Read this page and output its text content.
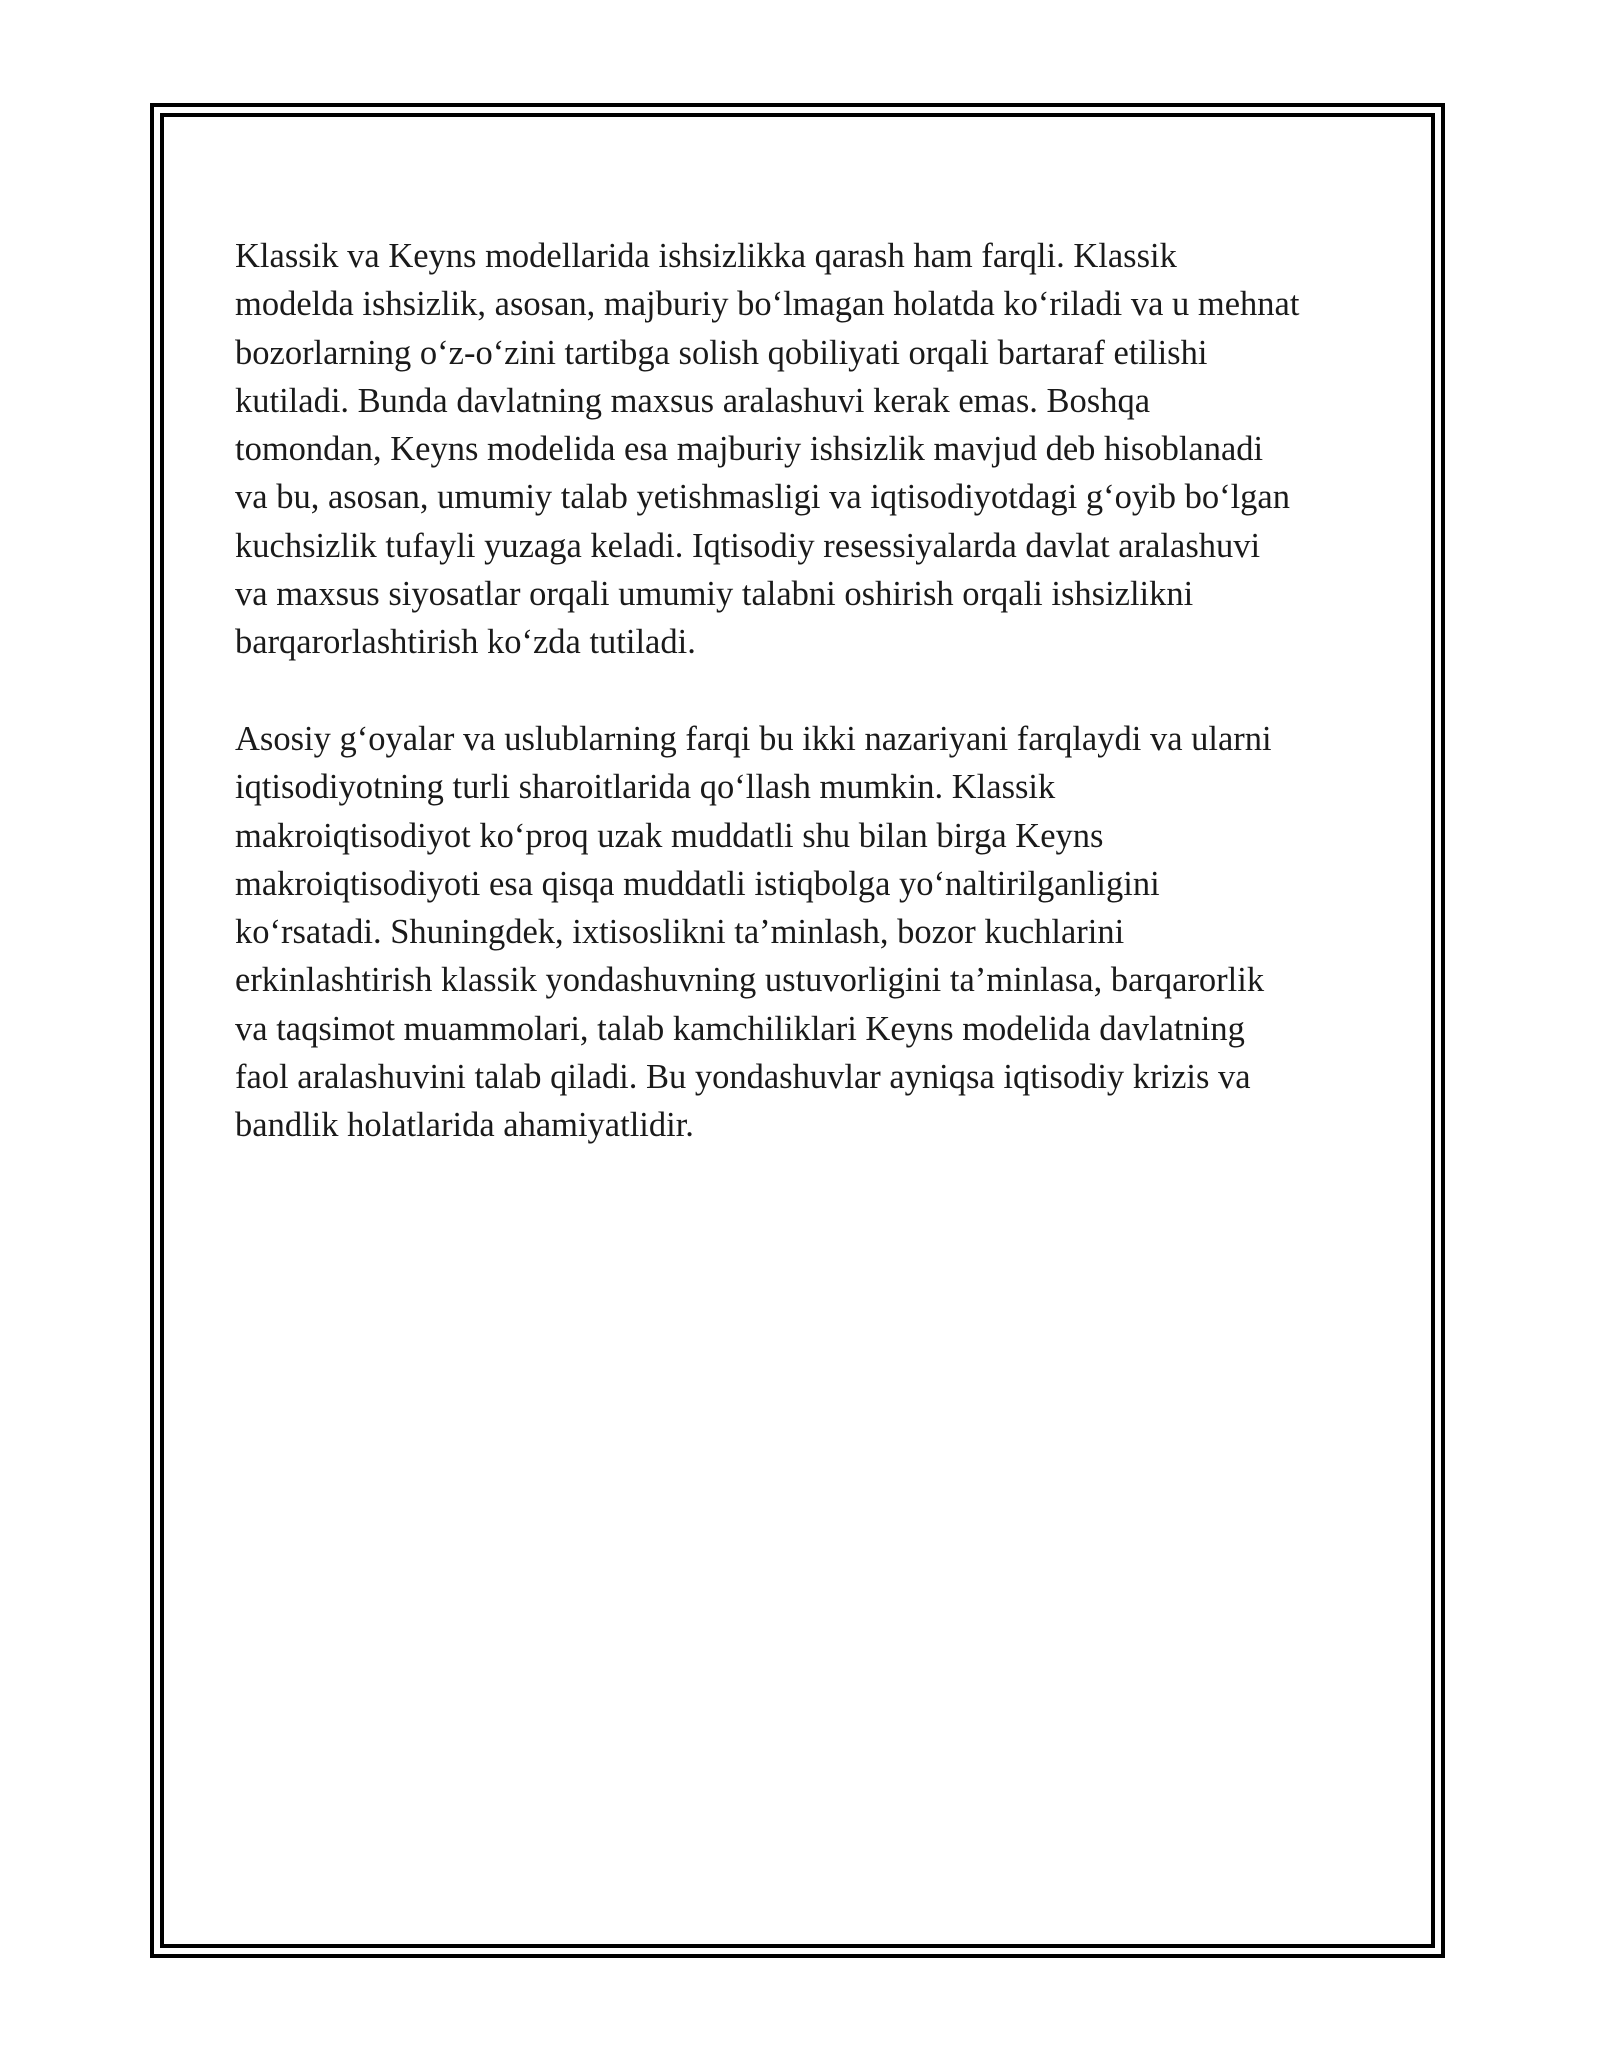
Klassik va Keyns modellarida ishsizlikka qarash ham farqli. Klassik
modelda ishsizlik, asosan, majburiy bo‘lmagan holatda ko‘riladi va u mehnat
bozorlarning o‘z-o‘zini tartibga solish qobiliyati orqali bartaraf etilishi
kutiladi. Bunda davlatning maxsus aralashuvi kerak emas. Boshqa
tomondan, Keyns modelida esa majburiy ishsizlik mavjud deb hisoblanadi
va bu, asosan, umumiy talab yetishmasligi va iqtisodiyotdagi g‘oyib bo‘lgan
kuchsizlik tufayli yuzaga keladi. Iqtisodiy resessiyalarda davlat aralashuvi
va maxsus siyosatlar orqali umumiy talabni oshirish orqali ishsizlikni
barqarorlashtirish ko‘zda tutiladi.
Asosiy g‘oyalar va uslublarning farqi bu ikki nazariyani farqlaydi va ularni
iqtisodiyotning turli sharoitlarida qo‘llash mumkin. Klassik
makroiqtisodiyot ko‘proq uzak muddatli shu bilan birga Keyns
makroiqtisodiyoti esa qisqa muddatli istiqbolga yo‘naltirilganligini
ko‘rsatadi. Shuningdek, ixtisoslikni ta’minlash, bozor kuchlarini
erkinlashtirish klassik yondashuvning ustuvorligini ta’minlasa, barqarorlik
va taqsimot muammolari, talab kamchiliklari Keyns modelida davlatning
faol aralashuvini talab qiladi. Bu yondashuvlar ayniqsa iqtisodiy krizis va
bandlik holatlarida ahamiyatlidir.
